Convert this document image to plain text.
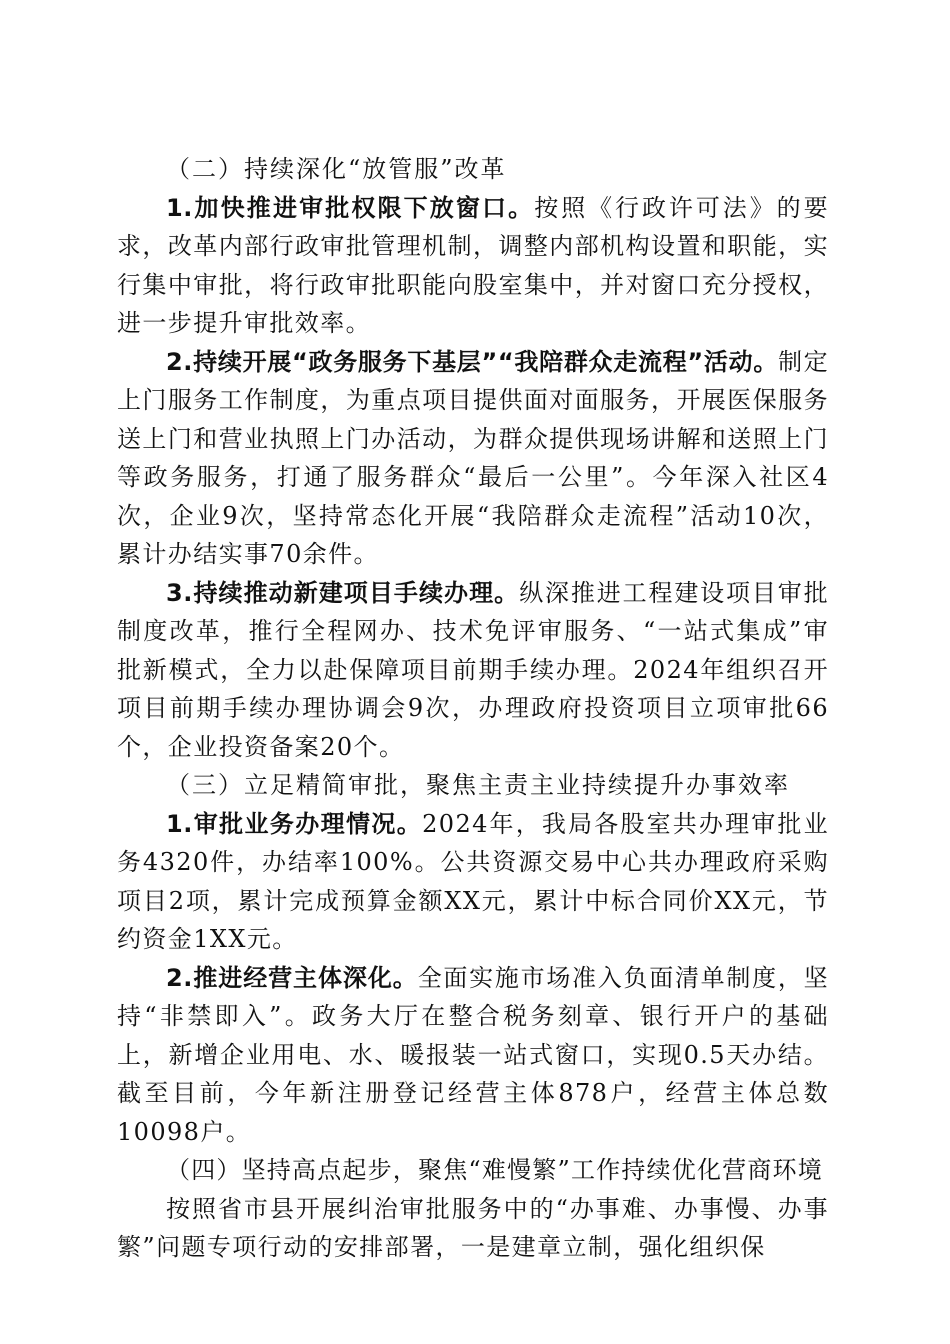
（二）持续深化“放管服”改革

1.加快推进审批权限下放窗口。按照《行政许可法》的要求，改革内部行政审批管理机制，调整内部机构设置和职能，实行集中审批，将行政审批职能向股室集中，并对窗口充分授权，进一步提升审批效率。

2.持续开展“政务服务下基层”“我陪群众走流程”活动。制定上门服务工作制度，为重点项目提供面对面服务，开展医保服务送上门和营业执照上门办活动，为群众提供现场讲解和送照上门等政务服务，打通了服务群众“最后一公里”。今年深入社区4次，企业9次，坚持常态化开展“我陪群众走流程”活动10次，累计办结实事70余件。

3.持续推动新建项目手续办理。纵深推进工程建设项目审批制度改革，推行全程网办、技术免评审服务、“一站式集成”审批新模式，全力以赴保障项目前期手续办理。2024年组织召开项目前期手续办理协调会9次，办理政府投资项目立项审批66个，企业投资备案20个。

（三）立足精简审批，聚焦主责主业持续提升办事效率

1.审批业务办理情况。2024年，我局各股室共办理审批业务4320件，办结率100%。公共资源交易中心共办理政府采购项目2项，累计完成预算金额XX元，累计中标合同价XX元，节约资金1XX元。

2.推进经营主体深化。全面实施市场准入负面清单制度，坚持“非禁即入”。政务大厅在整合税务刻章、银行开户的基础上，新增企业用电、水、暖报装一站式窗口，实现0.5天办结。截至目前，今年新注册登记经营主体878户，经营主体总数10098户。

（四）坚持高点起步，聚焦“难慢繁”工作持续优化营商环境

按照省市县开展纠治审批服务中的“办事难、办事慢、办事繁”问题专项行动的安排部署，一是建章立制，强化组织保
